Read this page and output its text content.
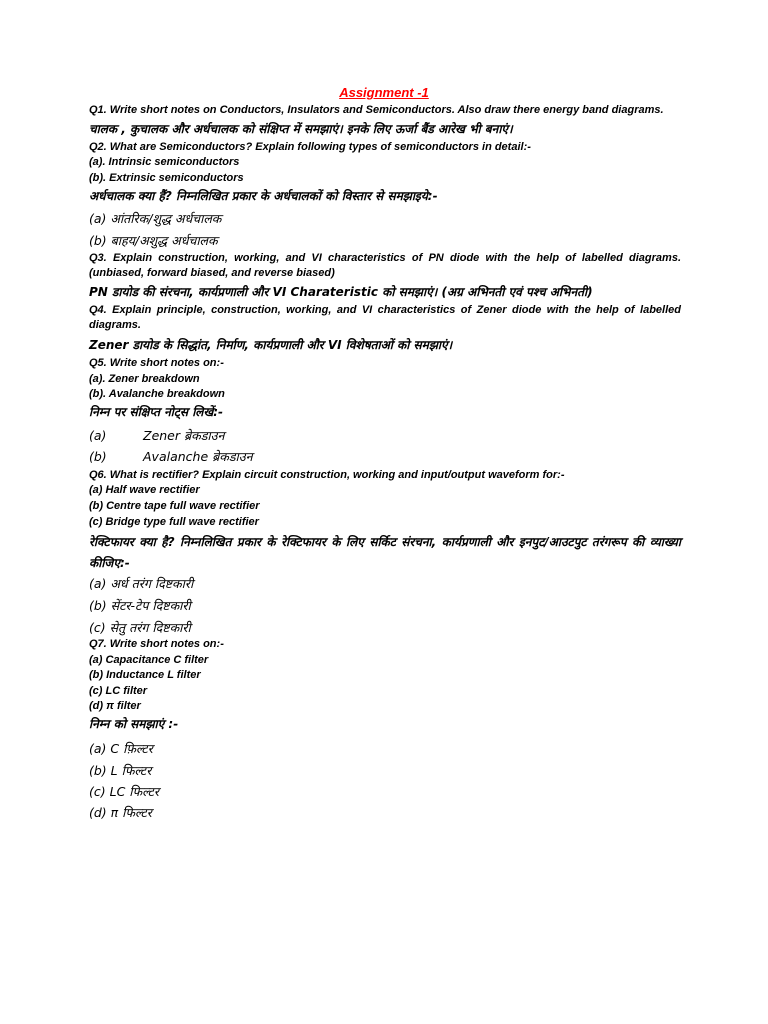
Assignment -1
Q1. Write short notes on Conductors, Insulators and Semiconductors. Also draw there energy band diagrams.
चालक , कुचालक और अर्धचालक को संक्षिप्त में समझाएं। इनके लिए ऊर्जा बैंड आरेख भी बनाएं।
Q2. What are Semiconductors? Explain following types of semiconductors in detail:-
(a). Intrinsic semiconductors
(b). Extrinsic semiconductors
अर्धचालक क्या हैं? निम्नलिखित प्रकार के अर्धचालकों को विस्तार से समझाइये:-
(a) आंतरिक/शुद्ध अर्धचालक
(b) बाहय/अशुद्ध अर्धचालक
Q3. Explain construction, working, and VI characteristics of PN diode with the help of labelled diagrams. (unbiased, forward biased, and reverse biased)
PN डायोड की संरचना, कार्यप्रणाली और VI Charateristic को समझाएं। (अग्र अभिनती एवं पश्च अभिनती)
Q4. Explain principle, construction, working, and VI characteristics of Zener diode with the help of labelled diagrams.
Zener डायोड के सिद्धांत, निर्माण, कार्यप्रणाली और VI विशेषताओं को समझाएं।
Q5. Write short notes on:-
(a). Zener breakdown
(b). Avalanche breakdown
निम्न पर संक्षिप्त नोट्स लिखें:-
(a)	Zener ब्रेकडाउन
(b)	Avalanche ब्रेकडाउन
Q6. What is rectifier? Explain circuit construction, working and input/output waveform for:-
(a) Half wave rectifier
(b) Centre tape full wave rectifier
(c) Bridge type full wave rectifier
रेक्टिफायर क्या है? निम्नलिखित प्रकार के रेक्टिफायर के लिए सर्किट संरचना, कार्यप्रणाली और इनपुट/आउटपुट तरंगरूप की व्याख्या कीजिए:-
(a) अर्ध तरंग दिष्टकारी
(b) सेंटर-टेप दिष्टकारी
(c) सेतु तरंग दिष्टकारी
Q7. Write short notes on:-
(a) Capacitance C filter
(b) Inductance L filter
(c) LC filter
(d) π filter
निम्न को समझाएं :-
(a) C फ़िल्टर
(b) L फिल्टर
(c) LC फिल्टर
(d) π फिल्टर
